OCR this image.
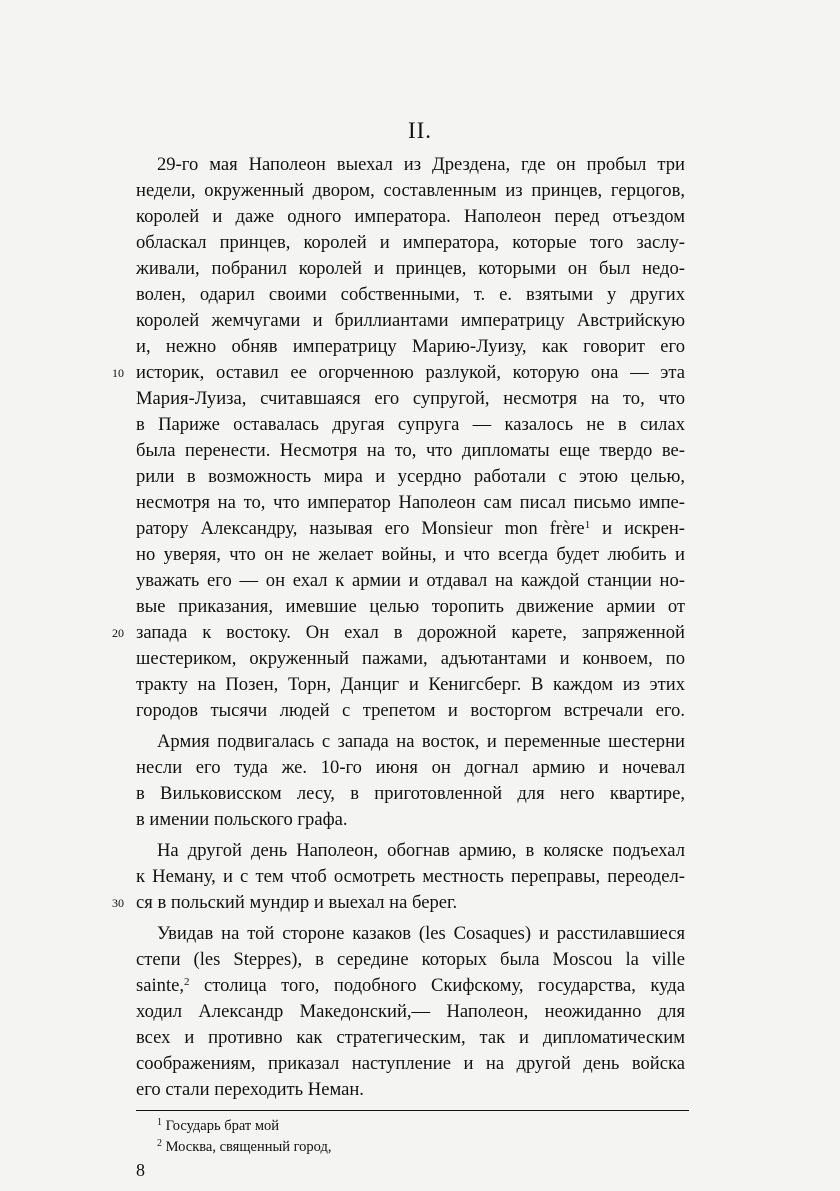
II.
29-го мая Наполеон выехал из Дрездена, где он пробыл три
недели, окруженный двором, составленным из принцев, герцогов,
королей и даже одного императора. Наполеон перед отъездом
обласкал принцев, королей и императора, которые того заслу-
живали, побранил королей и принцев, которыми он был недо-
волен, одарил своими собственными, т. е. взятыми у других
королей жемчугами и бриллиантами императрицу Австрийскую
и, нежно обняв императрицу Марию-Луизу, как говорит его
10 историк, оставил ее огорченною разлукой, которую она — эта
Мария-Луиза, считавшаяся его супругой, несмотря на то, что
в Париже оставалась другая супруга — казалось не в силах
была перенести. Несмотря на то, что дипломаты еще твердо ве-
рили в возможность мира и усердно работали с этою целью,
несмотря на то, что император Наполеон сам писал письмо импе-
ратору Александру, называя его Monsieur mon frère$^1$ и искрен-
но уверяя, что он не желает войны, и что всегда будет любить и
уважать его — он ехал к армии и отдавал на каждой станции но-
вые приказания, имевшие целью торопить движение армии от
20 запада к востоку. Он ехал в дорожной карете, запряженной
шестериком, окруженный пажами, адъютантами и конвоем, по
тракту на Позен, Торн, Данциг и Кенигсберг. В каждом из этих
городов тысячи людей с трепетом и восторгом встречали его.
Армия подвигалась с запада на восток, и переменные шестерни
несли его туда же. 10-го июня он догнал армию и ночевал
в Вильковисском лесу, в приготовленной для него квартире,
в имении польского графа.
На другой день Наполеон, обогнав армию, в коляске подъехал
к Неману, и с тем чтоб осмотреть местность переправы, переодел-
30 ся в польский мундир и выехал на берег.
Увидав на той стороне казаков (les Cosaques) и расстилавшиеся
степи (les Steppes), в середине которых была Moscou la ville
sainte,$^2$ столица того, подобного Скифскому, государства, куда
ходил Александр Македонский,— Наполеон, неожиданно для
всех и противно как стратегическим, так и дипломатическим
соображениям, приказал наступление и на другой день войска
его стали переходить Неман.
$^1$ Государь брат мой
$^2$ Москва, священный город,
8
